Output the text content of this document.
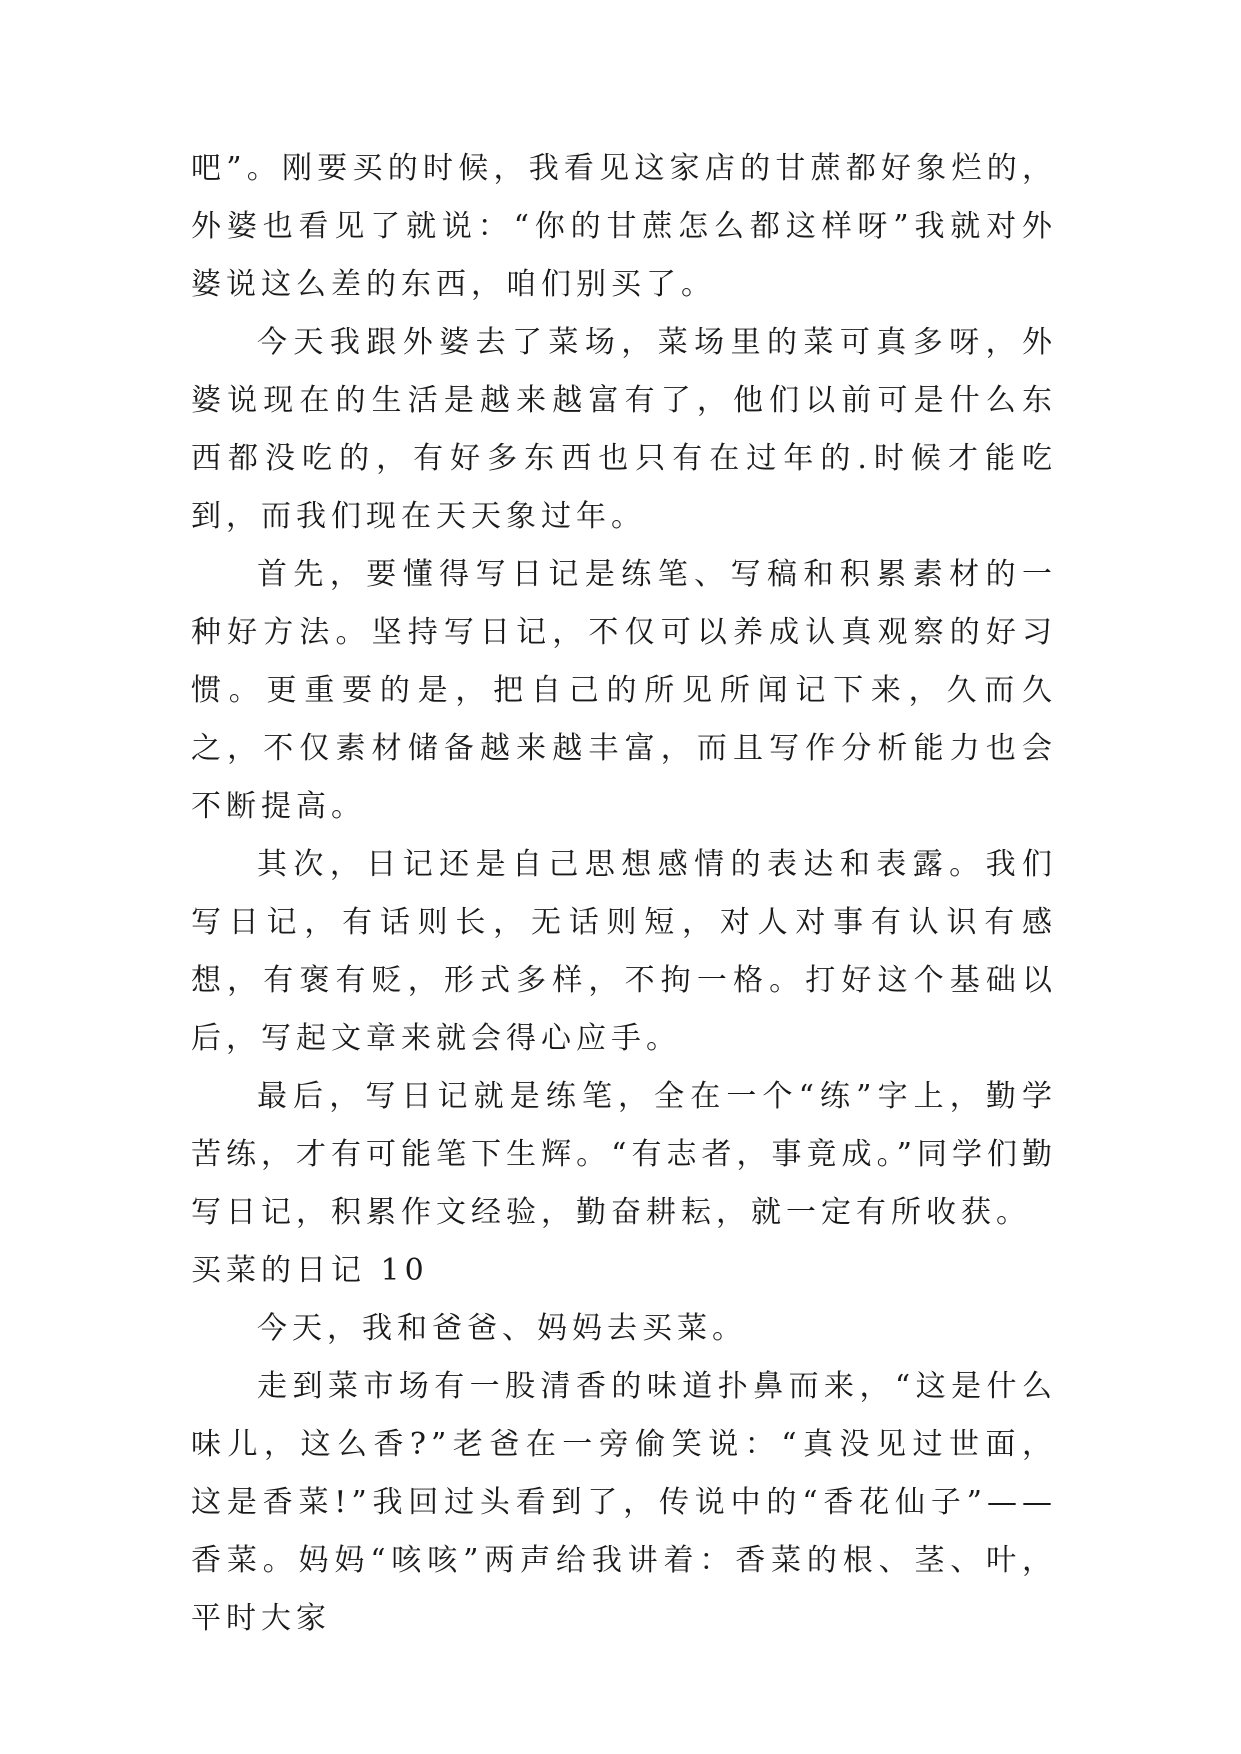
吧”。刚要买的时候，我看见这家店的甘蔗都好象烂的，外婆也看见了就说：“你的甘蔗怎么都这样呀”我就对外婆说这么差的东西，咱们别买了。

今天我跟外婆去了菜场，菜场里的菜可真多呀，外婆说现在的生活是越来越富有了，他们以前可是什么东西都没吃的，有好多东西也只有在过年的.时候才能吃到，而我们现在天天象过年。

首先，要懂得写日记是练笔、写稿和积累素材的一种好方法。坚持写日记，不仅可以养成认真观察的好习惯。更重要的是，把自己的所见所闻记下来，久而久之，不仅素材储备越来越丰富，而且写作分析能力也会不断提高。

其次，日记还是自己思想感情的表达和表露。我们写日记，有话则长，无话则短，对人对事有认识有感想，有褒有贬，形式多样，不拘一格。打好这个基础以后，写起文章来就会得心应手。

最后，写日记就是练笔，全在一个“练”字上，勤学苦练，才有可能笔下生辉。“有志者，事竟成。”同学们勤写日记，积累作文经验，勤奋耕耘，就一定有所收获。

买菜的日记 10

今天，我和爸爸、妈妈去买菜。

走到菜市场有一股清香的味道扑鼻而来，“这是什么味儿，这么香?”老爸在一旁偷笑说：“真没见过世面，这是香菜!”我回过头看到了，传说中的“香花仙子”——香菜。妈妈“咳咳”两声给我讲着：香菜的根、茎、叶，平时大家
